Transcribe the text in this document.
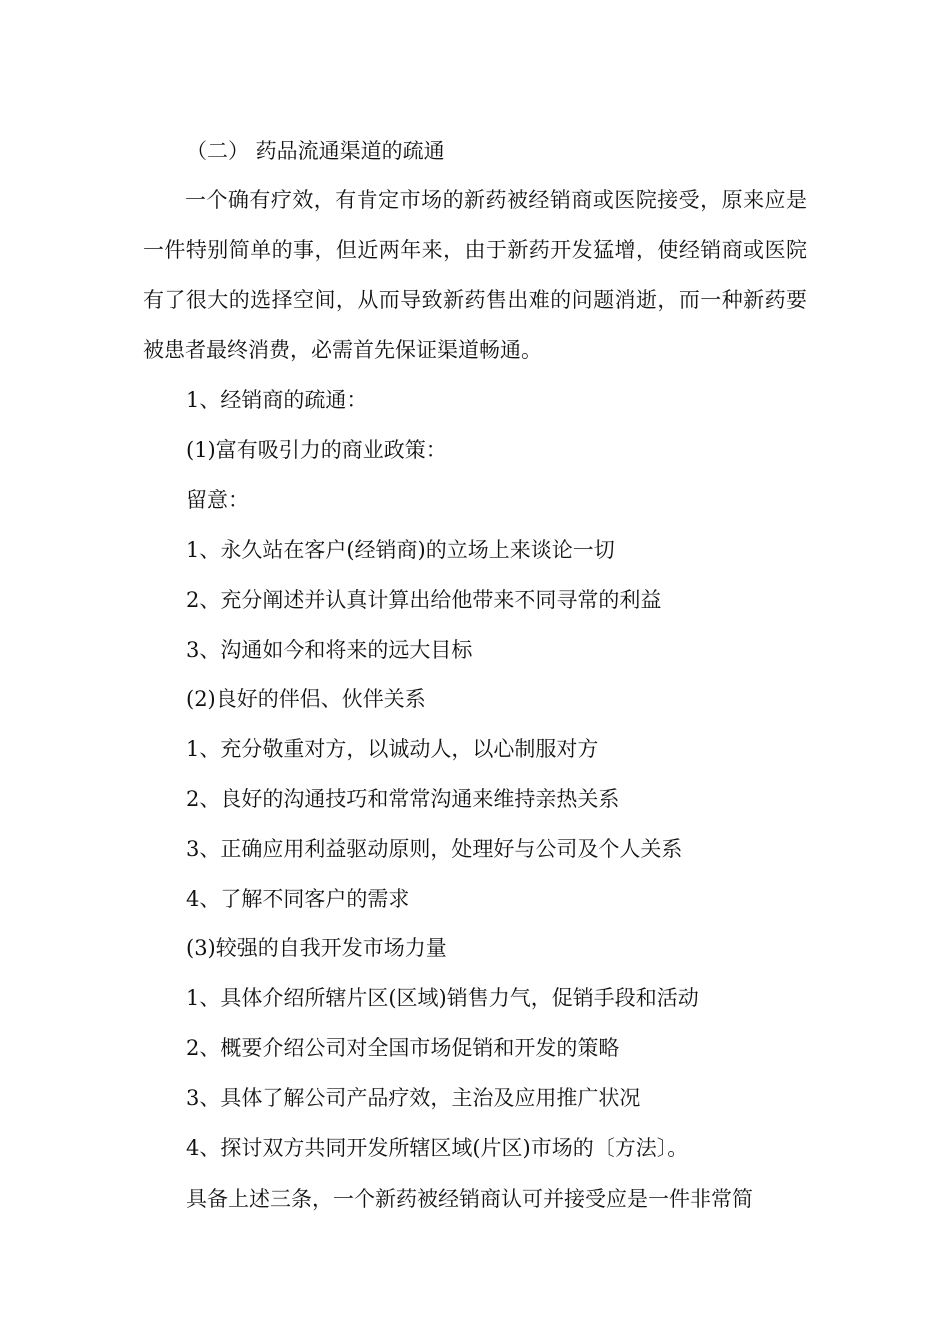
（二） 药品流通渠道的疏通

一个确有疗效，有肯定市场的新药被经销商或医院接受，原来应是一件特别简单的事，但近两年来，由于新药开发猛增，使经销商或医院有了很大的选择空间，从而导致新药售出难的问题消逝，而一种新药要被患者最终消费，必需首先保证渠道畅通。

1、经销商的疏通：

(1)富有吸引力的商业政策：

留意：

1、永久站在客户(经销商)的立场上来谈论一切

2、充分阐述并认真计算出给他带来不同寻常的利益

3、沟通如今和将来的远大目标

(2)良好的伴侣、伙伴关系

1、充分敬重对方，以诚动人，以心制服对方

2、良好的沟通技巧和常常沟通来维持亲热关系

3、正确应用利益驱动原则，处理好与公司及个人关系

4、了解不同客户的需求

(3)较强的自我开发市场力量

1、具体介绍所辖片区(区域)销售力气，促销手段和活动

2、概要介绍公司对全国市场促销和开发的策略

3、具体了解公司产品疗效，主治及应用推广状况

4、探讨双方共同开发所辖区域(片区)市场的〔方法〕。

具备上述三条，一个新药被经销商认可并接受应是一件非常简
